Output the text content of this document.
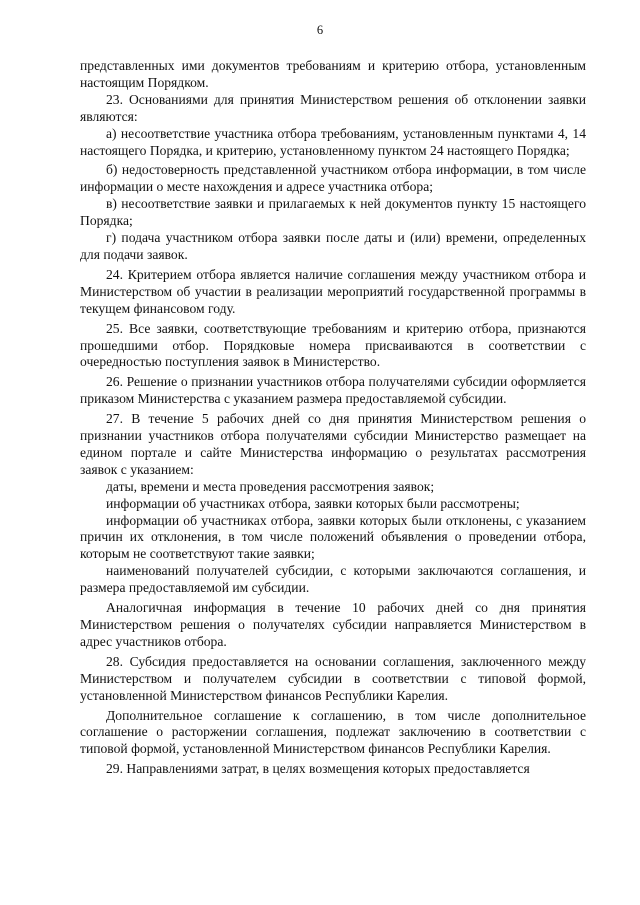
6

представленных ими документов требованиям и критерию отбора, установленным настоящим Порядком.

23. Основаниями для принятия Министерством решения об отклонении заявки являются:

а) несоответствие участника отбора требованиям, установленным пунктами 4, 14 настоящего Порядка, и критерию, установленному пунктом 24 настоящего Порядка;

б) недостоверность представленной участником отбора информации, в том числе информации о месте нахождения и адресе участника отбора;

в) несоответствие заявки и прилагаемых к ней документов пункту 15 настоящего Порядка;

г) подача участником отбора заявки после даты и (или) времени, определенных для подачи заявок.

24. Критерием отбора является наличие соглашения между участником отбора и Министерством об участии в реализации мероприятий государственной программы в текущем финансовом году.

25. Все заявки, соответствующие требованиям и критерию отбора, признаются прошедшими отбор. Порядковые номера присваиваются в соответствии с очередностью поступления заявок в Министерство.

26. Решение о признании участников отбора получателями субсидии оформляется приказом Министерства с указанием размера предоставляемой субсидии.

27. В течение 5 рабочих дней со дня принятия Министерством решения о признании участников отбора получателями субсидии Министерство размещает на едином портале и сайте Министерства информацию о результатах рассмотрения заявок с указанием:

даты, времени и места проведения рассмотрения заявок;

информации об участниках отбора, заявки которых были рассмотрены;

информации об участниках отбора, заявки которых были отклонены, с указанием причин их отклонения, в том числе положений объявления о проведении отбора, которым не соответствуют такие заявки;

наименований получателей субсидии, с которыми заключаются соглашения, и размера предоставляемой им субсидии.

Аналогичная информация в течение 10 рабочих дней со дня принятия Министерством решения о получателях субсидии направляется Министерством в адрес участников отбора.

28. Субсидия предоставляется на основании соглашения, заключенного между Министерством и получателем субсидии в соответствии с типовой формой, установленной Министерством финансов Республики Карелия.

Дополнительное соглашение к соглашению, в том числе дополнительное соглашение о расторжении соглашения, подлежат заключению в соответствии с типовой формой, установленной Министерством финансов Республики Карелия.

29. Направлениями затрат, в целях возмещения которых предоставляется
